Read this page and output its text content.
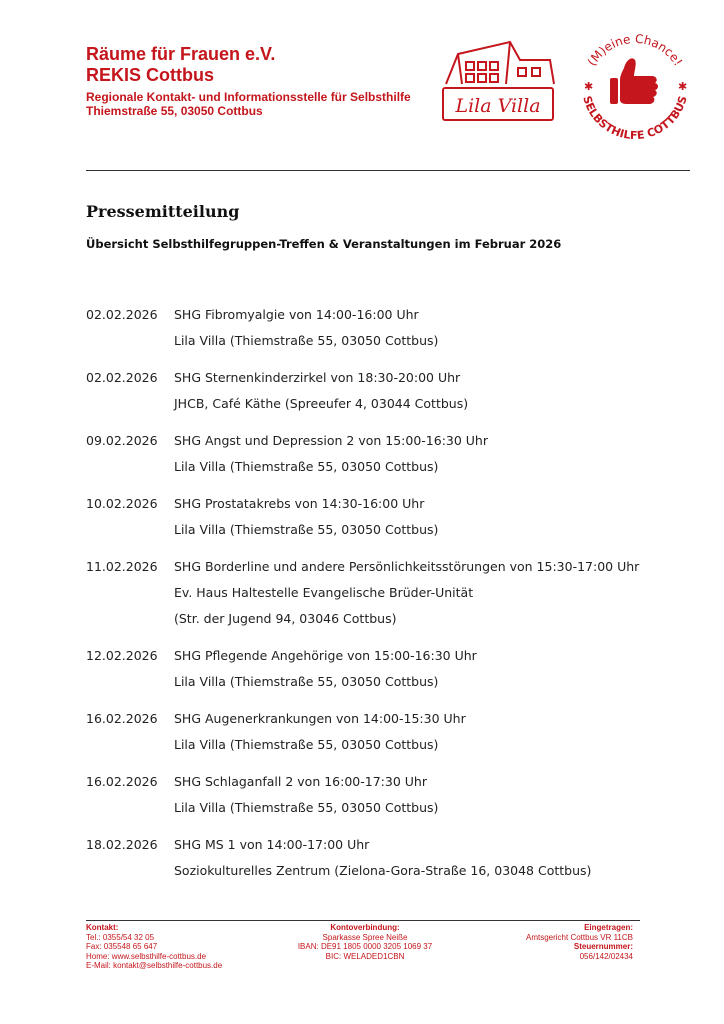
Räume für Frauen e.V.
REKIS Cottbus
Regionale Kontakt- und Informationsstelle für Selbsthilfe
Thiemstraße 55, 03050 Cottbus	Lila Villa
(M)eine Chance!
SELBSTHILFE COTTBUS
✱	✱
Pressemitteilung
Übersicht Selbsthilfegruppen-Treffen & Veranstaltungen im Februar 2026
02.02.2026	SHG Fibromyalgie von 14:00-16:00 Uhr
Lila Villa (Thiemstraße 55, 03050 Cottbus)
02.02.2026	SHG Sternenkinderzirkel von 18:30-20:00 Uhr
JHCB, Café Käthe (Spreeufer 4, 03044 Cottbus)
09.02.2026	SHG Angst und Depression 2 von 15:00-16:30 Uhr
Lila Villa (Thiemstraße 55, 03050 Cottbus)
10.02.2026	SHG Prostatakrebs von 14:30-16:00 Uhr
Lila Villa (Thiemstraße 55, 03050 Cottbus)
11.02.2026	SHG Borderline und andere Persönlichkeitsstörungen von 15:30-17:00 Uhr
Ev. Haus Haltestelle Evangelische Brüder-Unität
(Str. der Jugend 94, 03046 Cottbus)
12.02.2026	SHG Pflegende Angehörige von 15:00-16:30 Uhr
Lila Villa (Thiemstraße 55, 03050 Cottbus)
16.02.2026	SHG Augenerkrankungen von 14:00-15:30 Uhr
Lila Villa (Thiemstraße 55, 03050 Cottbus)
16.02.2026	SHG Schlaganfall 2 von 16:00-17:30 Uhr
Lila Villa (Thiemstraße 55, 03050 Cottbus)
18.02.2026	SHG MS 1 von 14:00-17:00 Uhr
Soziokulturelles Zentrum (Zielona-Gora-Straße 16, 03048 Cottbus)
Kontakt:
Tel.: 0355/54 32 05
Fax: 035548 65 647
Home: www.selbsthilfe-cottbus.de
E-Mail: kontakt@selbsthilfe-cottbus.de
Kontoverbindung:
Sparkasse Spree Neiße
IBAN: DE91 1805 0000 3205 1069 37
BIC: WELADED1CBN
Eingetragen:
Amtsgericht Cottbus VR 11CB
Steuernummer:
056/142/02434
